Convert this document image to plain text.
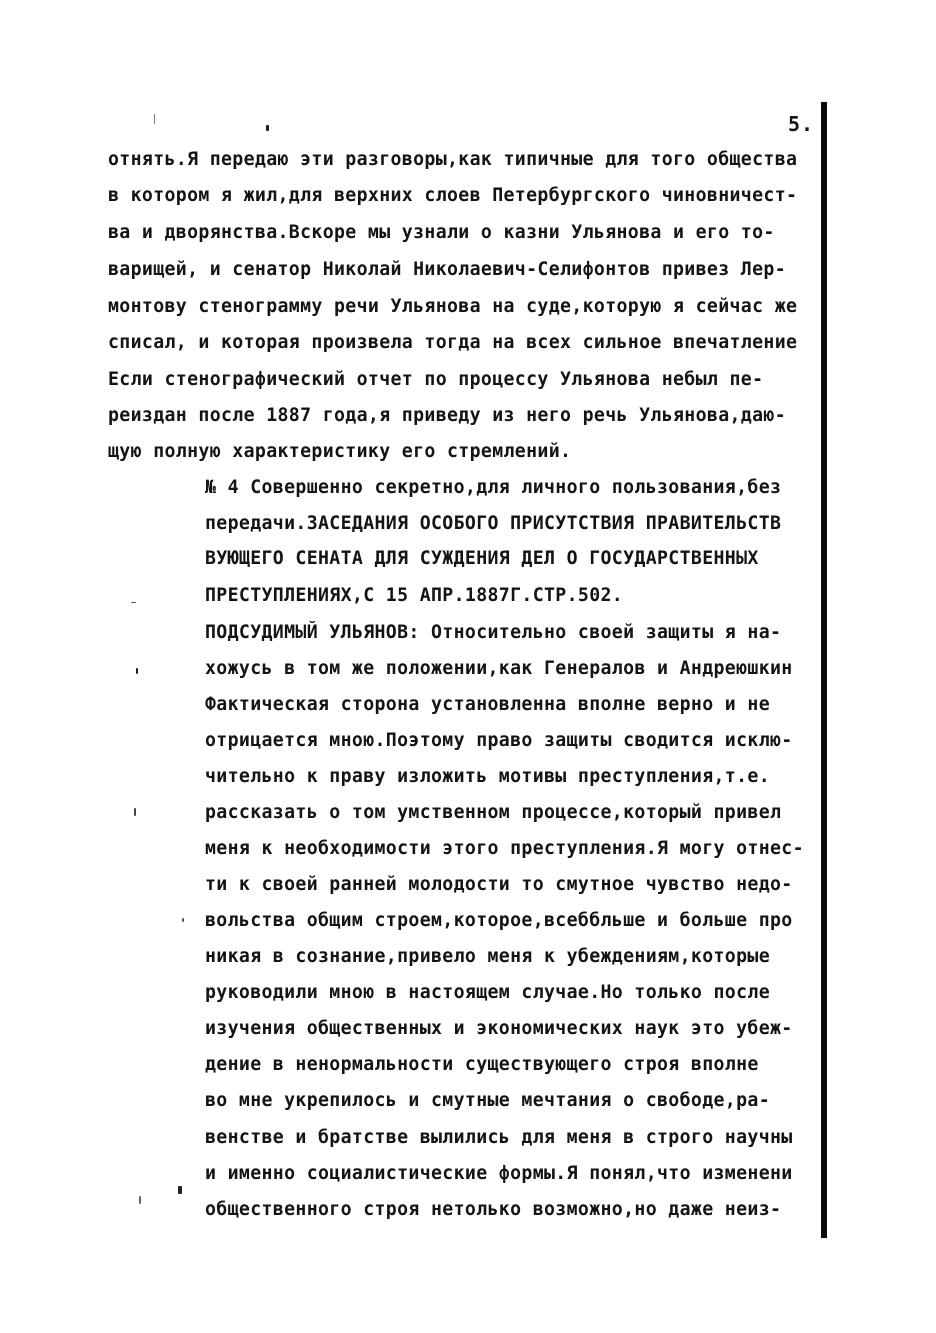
5.
отнять.Я передаю эти разговоры,как типичные для того общества
в котором я жил,для верхних слоев Петербургского чиновничест-
ва и дворянства.Вскоре мы узнали о казни Ульянова и его то-
варищей, и сенатор Николай Николаевич-Селифонтов привез Лер-
монтову стенограмму речи Ульянова на суде,которую я сейчас же
списал, и которая произвела тогда на всех сильное впечатление
Если стенографический отчет по процессу Ульянова небыл пе-
реиздан после 1887 года,я приведу из него речь Ульянова,даю-
щую полную характеристику его стремлений.
№ 4 Совершенно секретно,для личного пользования,без
передачи.ЗАСЕДАНИЯ ОСОБОГО ПРИСУТСТВИЯ ПРАВИТЕЛЬСТВ
ВУЮЩЕГО СЕНАТА ДЛЯ СУЖДЕНИЯ ДЕЛ О ГОСУДАРСТВЕННЫХ
ПРЕСТУПЛЕНИЯХ,С 15 АПР.1887Г.СТР.502.
ПОДСУДИМЫЙ УЛЬЯНОВ: Относительно своей защиты я на-
хожусь в том же положении,как Генералов и Андреюшкин
Фактическая сторона установленна вполне верно и не
отрицается мною.Поэтому право защиты сводится исклю-
чительно к праву изложить мотивы преступления,т.е.
рассказать о том умственном процессе,который привел
меня к необходимости этого преступления.Я могу отнес-
ти к своей ранней молодости то смутное чувство недо-
вольства общим строем,которое,всеббльше и больше про
никая в сознание,привело меня к убеждениям,которые
руководили мною в настоящем случае.Но только после
изучения общественных и экономических наук это убеж-
дение в ненормальности существующего строя вполне
во мне укрепилось и смутные мечтания о свободе,ра-
венстве и братстве вылились для меня в строго научны
и именно социалистические формы.Я понял,что изменени
общественного строя нетолько возможно,но даже неиз-
